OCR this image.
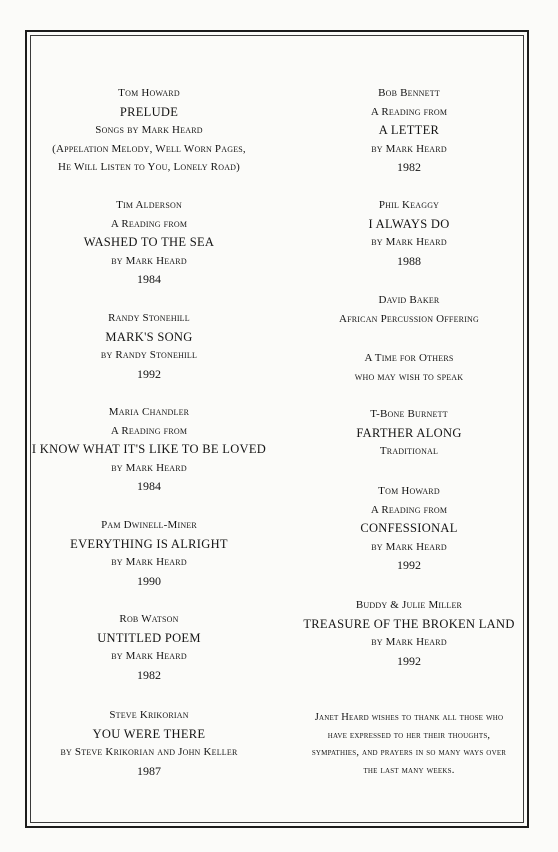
Tom Howard
PRELUDE
Songs by Mark Heard
(Appelation Melody, Well Worn Pages,
He Will Listen to You, Lonely Road)
Tim Alderson
A Reading from
WASHED TO THE SEA
by Mark Heard
1984
Randy Stonehill
MARK'S SONG
by Randy Stonehill
1992
Maria Chandler
A Reading from
I KNOW WHAT IT'S LIKE TO BE LOVED
by Mark Heard
1984
Pam Dwinell-Miner
EVERYTHING IS ALRIGHT
by Mark Heard
1990
Rob Watson
UNTITLED POEM
by Mark Heard
1982
Steve Krikorian
YOU WERE THERE
by Steve Krikorian and John Keller
1987
Bob Bennett
A Reading from
A LETTER
by Mark Heard
1982
Phil Keaggy
I ALWAYS DO
by Mark Heard
1988
David Baker
African Percussion Offering
A Time for Others
who may wish to speak
T-Bone Burnett
FARTHER ALONG
Traditional
Tom Howard
A Reading from
CONFESSIONAL
by Mark Heard
1992
Buddy & Julie Miller
TREASURE OF THE BROKEN LAND
by Mark Heard
1992
Janet Heard wishes to thank all those who
have expressed to her their thoughts,
sympathies, and prayers in so many ways over
the last many weeks.
